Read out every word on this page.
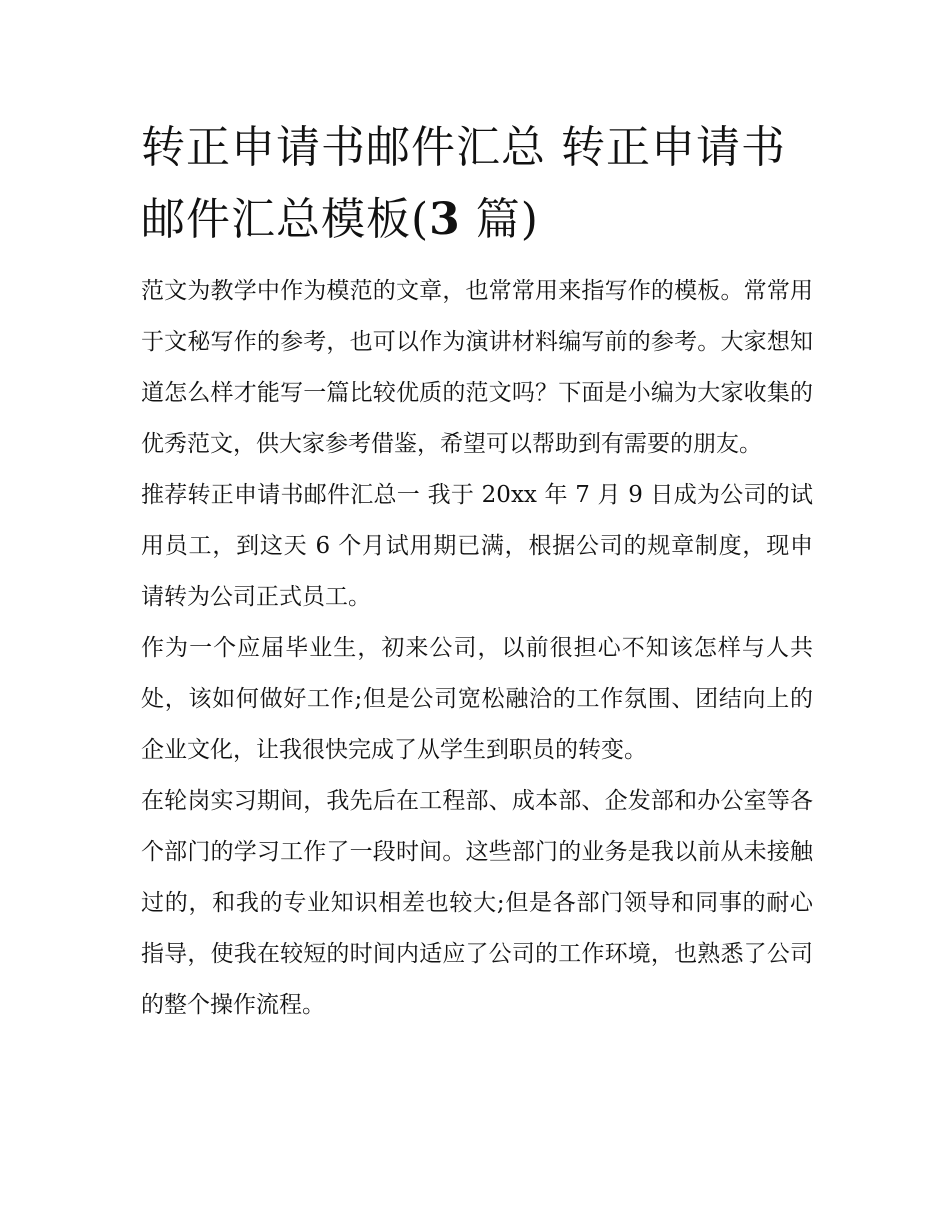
转正申请书邮件汇总 转正申请书邮件汇总模板(3 篇)

范文为教学中作为模范的文章，也常常用来指写作的模板。常常用于文秘写作的参考，也可以作为演讲材料编写前的参考。大家想知道怎么样才能写一篇比较优质的范文吗？下面是小编为大家收集的优秀范文，供大家参考借鉴，希望可以帮助到有需要的朋友。

推荐转正申请书邮件汇总一 我于 20xx 年 7 月 9 日成为公司的试用员工，到这天 6 个月试用期已满，根据公司的规章制度，现申请转为公司正式员工。

作为一个应届毕业生，初来公司，以前很担心不知该怎样与人共处，该如何做好工作;但是公司宽松融洽的工作氛围、团结向上的企业文化，让我很快完成了从学生到职员的转变。

在轮岗实习期间，我先后在工程部、成本部、企发部和办公室等各个部门的学习工作了一段时间。这些部门的业务是我以前从未接触过的，和我的专业知识相差也较大;但是各部门领导和同事的耐心指导，使我在较短的时间内适应了公司的工作环境，也熟悉了公司的整个操作流程。
